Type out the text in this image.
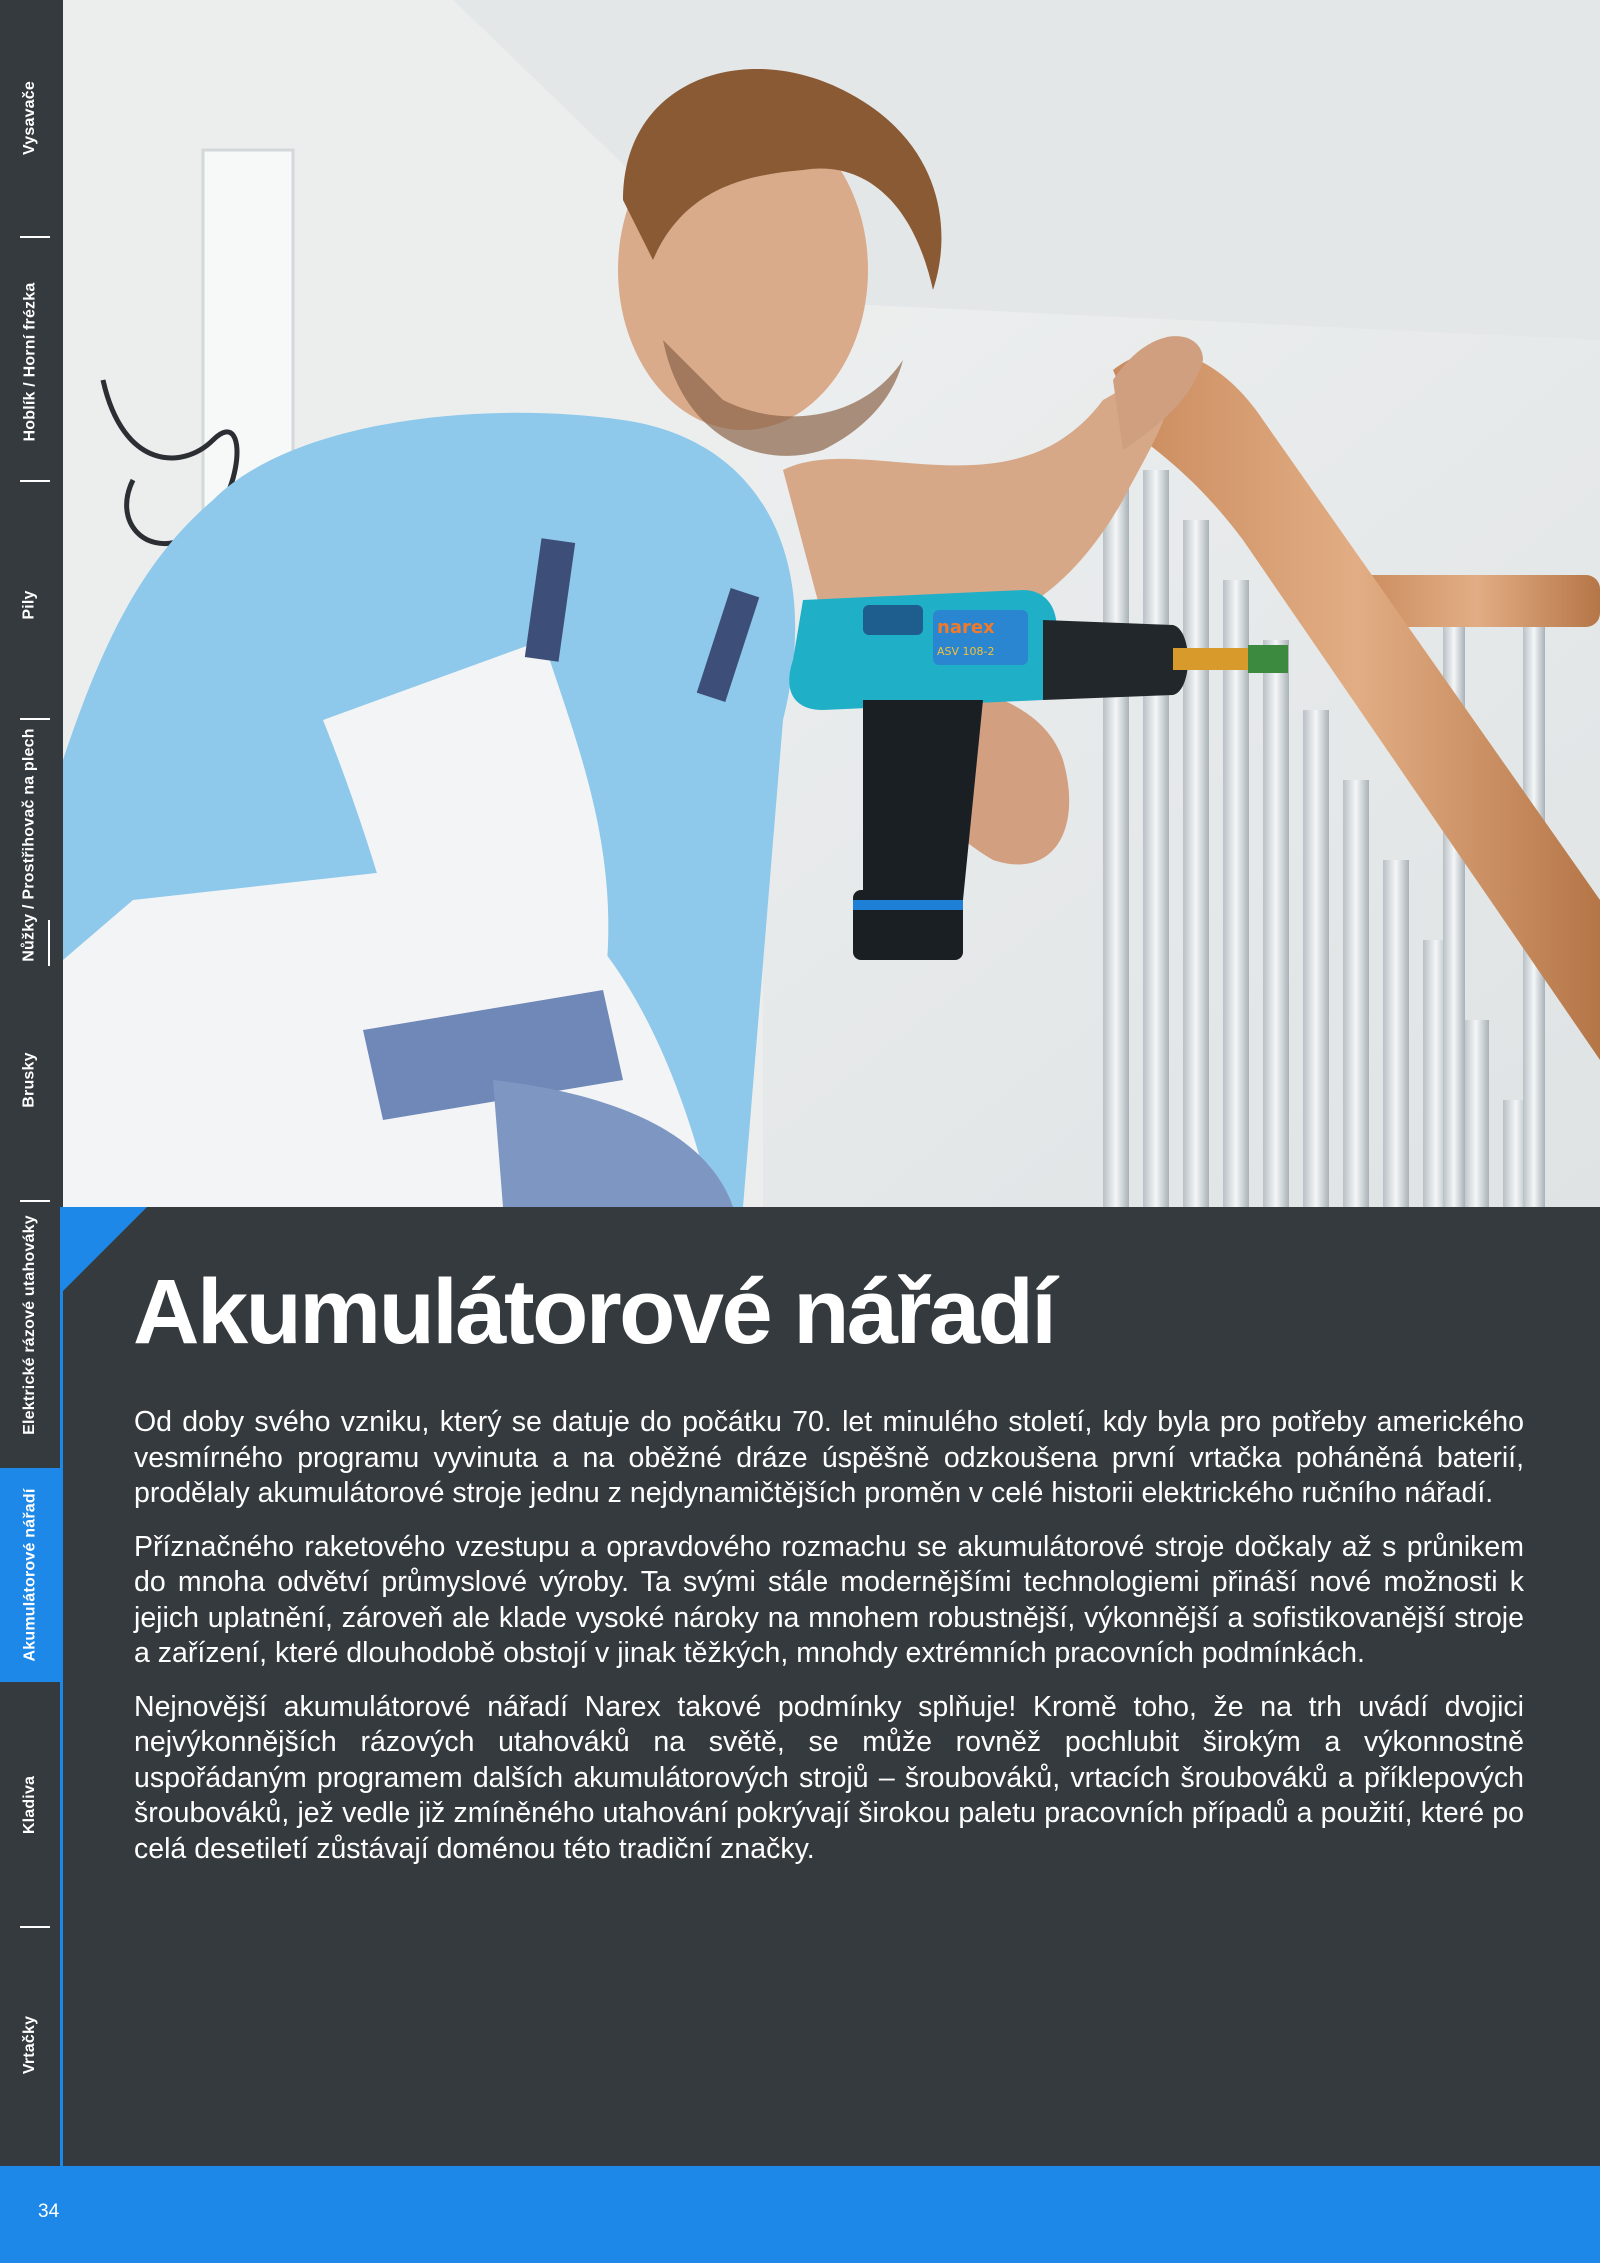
Vysavače
Hoblík / Horní frézka
Pily
Nůžky / Prostřihovač na plech
Brusky
Elektrické rázové utahováky
Akumulátorové nářadí
Kladiva
Vrtačky
narex
ASV 108-2
Akumulátorové nářadí

Od doby svého vzniku, který se datuje do počátku 70. let minulého století, kdy byla pro potřeby amerického vesmírného programu vyvinuta a na oběžné dráze úspěšně odzkoušena první vrtačka poháněná baterií, prodělaly akumulátorové stroje jednu z nejdynamičtějších proměn v celé historii elektrického ručního nářadí.

Příznačného raketového vzestupu a opravdového rozmachu se akumulátorové stroje dočkaly až s průnikem do mnoha odvětví průmyslové výroby. Ta svými stále modernějšími technologiemi přináší nové možnosti k jejich uplatnění, zároveň ale klade vysoké nároky na mnohem robustnější, výkonnější a sofistikovanější stroje a zařízení, které dlouhodobě obstojí v jinak těžkých, mnohdy extrémních pracovních podmínkách.

Nejnovější akumulátorové nářadí Narex takové podmínky splňuje! Kromě toho, že na trh uvádí dvojici nejvýkonnějších rázových utahováků na světě, se může rovněž pochlubit širokým a výkonnostně uspořádaným programem dalších akumulátorových strojů – šroubováků, vrtacích šroubováků a příklepových šroubováků, jež vedle již zmíněného utahování pokrývají širokou paletu pracovních případů a použití, které po celá desetiletí zůstávají doménou této tradiční značky.

34
